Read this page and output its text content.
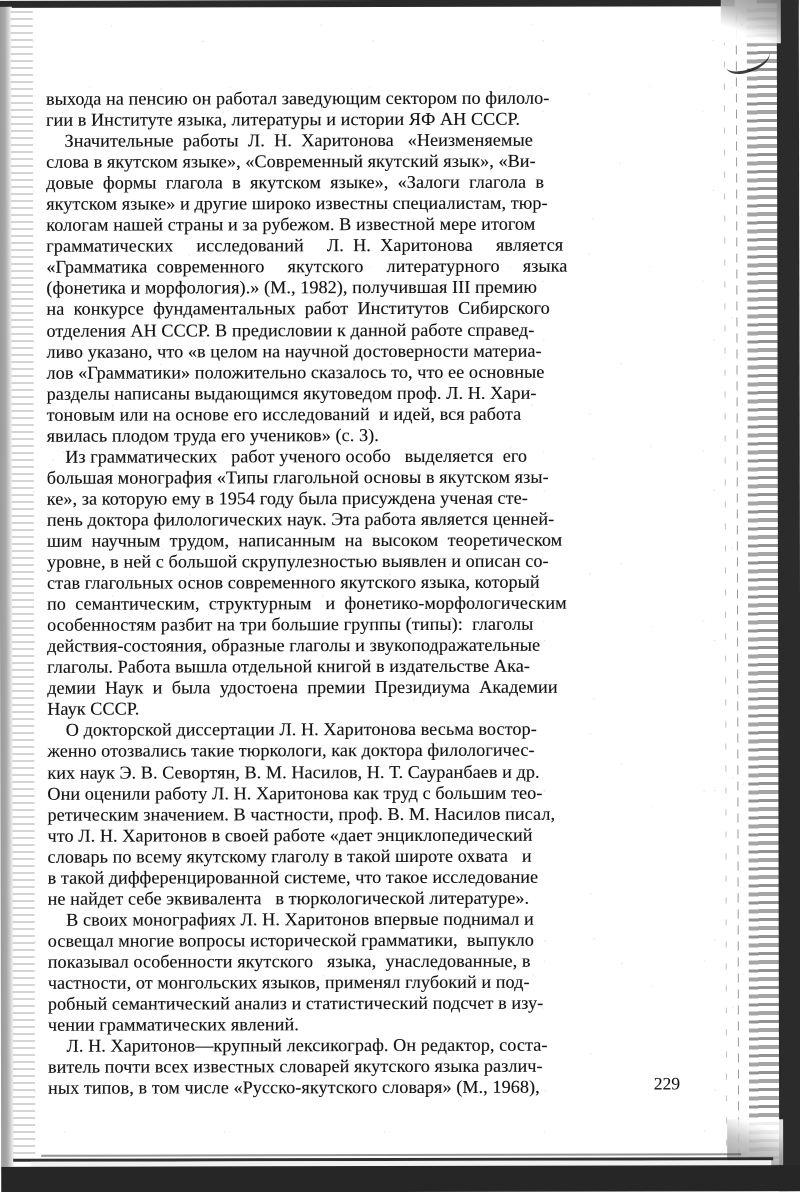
выхода на пенсию он работал заведующим сектором по филоло-
гии в Институте языка, литературы и истории ЯФ АН СССР.
Значительные  работы  Л.  Н.  Харитонова   «Неизменяемые
слова в якутском языке», «Современный якутский язык», «Ви-
довые  формы  глагола  в  якутском  языке»,  «Залоги  глагола  в
якутском языке» и другие широко известны специалистам, тюр-
кологам нашей страны и за рубежом. В известной мере итогом
грамматических     исследований     Л.  Н.  Харитонова     является
«Грамматика  современного     якутского     литературного     языка
(фонетика и морфология).» (М., 1982), получившая III премию
на  конкурсе  фундаментальных  работ  Институтов  Сибирского
отделения АН СССР. В предисловии к данной работе справед-
ливо указано, что «в целом на научной достоверности материа-
лов «Грамматики» положительно сказалось то, что ее основные
разделы написаны выдающимся якутоведом проф. Л. Н. Хари-
тоновым или на основе его исследований  и идей, вся работа
явилась плодом труда его учеников» (с. 3).
Из грамматических   работ ученого особо   выделяется  его
большая монография «Типы глагольной основы в якутском язы-
ке», за которую ему в 1954 году была присуждена ученая сте-
пень доктора филологических наук. Эта работа является ценней-
шим  научным  трудом,  написанным  на  высоком  теоретическом
уровне, в ней с большой скрупулезностью выявлен и описан со-
став глагольных основ современного якутского языка, который
по  семантическим,  структурным   и  фонетико-морфологическим
особенностям разбит на три большие группы (типы):  глаголы
действия-состояния, образные глаголы и звукоподражательные
глаголы. Работа вышла отдельной книгой в издательстве Ака-
демии  Наук  и  была  удостоена  премии  Президиума  Академии
Наук СССР.
О докторской диссертации Л. Н. Харитонова весьма востор-
женно отозвались такие тюркологи, как доктора филологичес-
ких наук Э. В. Севортян, В. М. Насилов, Н. Т. Сауранбаев и др.
Они оценили работу Л. Н. Харитонова как труд с большим тео-
ретическим значением. В частности, проф. В. М. Насилов писал,
что Л. Н. Харитонов в своей работе «дает энциклопедический
словарь по всему якутскому глаголу в такой широте охвата   и
в такой дифференцированной системе, что такое исследование
не найдет себе эквивалента   в тюркологической литературе».
В своих монографиях Л. Н. Харитонов впервые поднимал и
освещал многие вопросы исторической грамматики,  выпукло
показывал особенности якутского   языка,  унаследованные, в
частности, от монгольских языков, применял глубокий и под-
робный семантический анализ и статистический подсчет в изу-
чении грамматических явлений.
Л. Н. Харитонов—крупный лексикограф. Он редактор, соста-
витель почти всех известных словарей якутского языка различ-
ных типов, в том числе «Русско-якутского словаря» (М., 1968),	229
